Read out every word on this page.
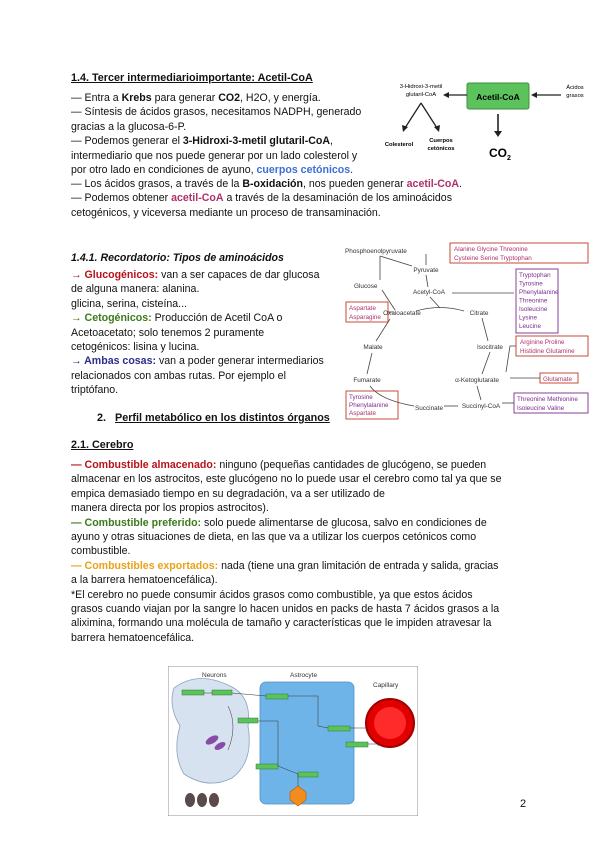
1.4. Tercer intermediarioimportante: Acetil-CoA
— Entra a Krebs para generar CO2, H2O, y energía.
— Síntesis de ácidos grasos, necesitamos NADPH, generado
gracias a la glucosa-6-P.
— Podemos generar el 3-Hidroxi-3-metil glutaril-CoA,
intermediario que nos puede generar por un lado colesterol y
por otro lado en condiciones de ayuno, cuerpos cetónicos.
— Los ácidos grasos, a través de la B-oxidación, nos pueden generar acetil-CoA.
— Podemos obtener acetil-CoA a través de la desaminación de los aminoácidos
cetogénicos, y viceversa mediante un proceso de transaminación.
3-Hidroxi-3-metil
glutaril-CoA	Acetil-CoA
Ácidos
grasos
Colesterol
Cuerpos
cetónicos	CO 2
1.4.1. Recordatorio: Tipos de aminoácidos
→ Glucogénicos: van a ser capaces de dar glucosa
de alguna manera: alanina.
glicina, serina, cisteína...
→ Cetogénicos: Producción de Acetil CoA o
Acetoacetato; solo tenemos 2 puramente
cetogénicos: lisina y lucina.
→ Ambas cosas: van a poder generar intermediarios
relacionados con ambas rutas. Por ejemplo el
triptófano.
Phosphoenolpyruvate
Pyruvate
Glucose
Acetyl-CoA
Oxaloacetate	Citrate
Malate	Isocitrate
Fumarate	α-Ketoglutarate
Succinate	Succinyl-CoA
Alanine Glycine Threonine
Cysteine Serine Tryptophan
Aspartate
Asparagine
Arginine Proline
Histidine Glutamine
Glutamate
Tryptophan
Tyrosine
Phenylalanine
Threonine
Isoleucine
Lysine
Leucine
Tyrosine
Phenylalanine
Aspartate
Threonine Methionine
Isoleucine Valine
2. Perfil metabólico en los distintos órganos
2.1. Cerebro
— Combustible almacenado: ninguno (pequeñas cantidades de glucógeno, se pueden
almacenar en los astrocitos, este glucógeno no lo puede usar el cerebro como tal ya que se
empica demasiado tiempo en su degradación, va a ser utilizado de
manera directa por los propios astrocitos).
— Combustible preferido: solo puede alimentarse de glucosa, salvo en condiciones de
ayuno y otras situaciones de dieta, en las que va a utilizar los cuerpos cetónicos como
combustible.
— Combustibles exportados: nada (tiene una gran limitación de entrada y salida, gracias
a la barrera hematoencefálica).
*El cerebro no puede consumir ácidos grasos como combustible, ya que estos ácidos
grasos cuando viajan por la sangre lo hacen unidos en packs de hasta 7 ácidos grasos a la
aliximina, formando una molécula de tamaño y características que le impiden atravesar la
barrera hematoencefálica.
Neurons	Astrocyte
Capillary
2
